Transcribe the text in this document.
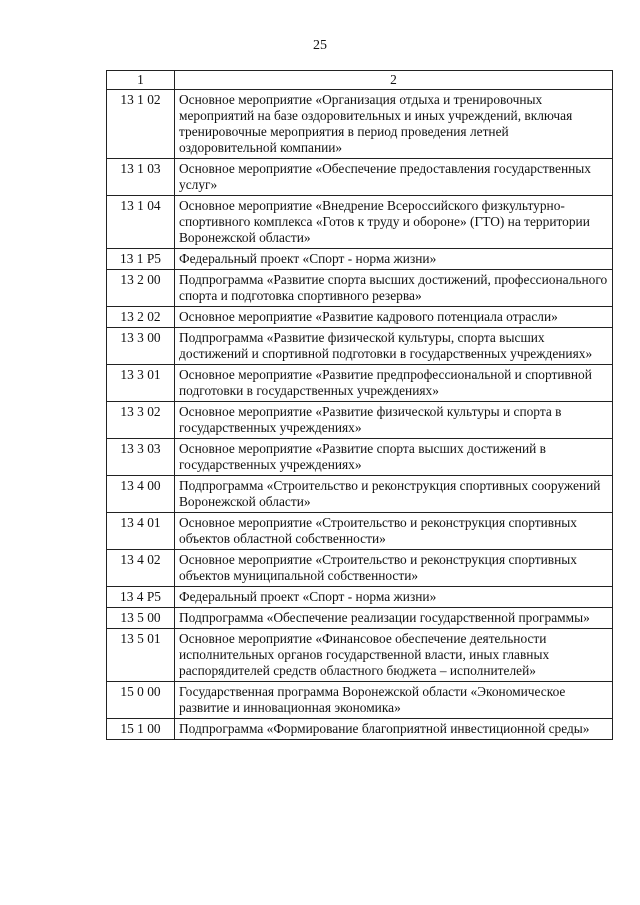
25
1	2
13 1 02	Основное мероприятие «Организация отдыха и тренировочных мероприятий на базе оздоровительных и иных учреждений, включая тренировочные мероприятия в период проведения летней оздоровительной компании»
13 1 03	Основное мероприятие «Обеспечение предоставления государственных услуг»
13 1 04	Основное мероприятие «Внедрение Всероссийского физкультурно-спортивного комплекса «Готов к труду и обороне» (ГТО) на территории Воронежской области»
13 1 P5	Федеральный проект «Спорт - норма жизни»
13 2 00	Подпрограмма «Развитие спорта высших достижений, профессионального спорта и подготовка спортивного резерва»
13 2 02	Основное мероприятие «Развитие кадрового потенциала отрасли»
13 3 00	Подпрограмма «Развитие физической культуры, спорта высших достижений и спортивной подготовки в государственных учреждениях»
13 3 01	Основное мероприятие «Развитие предпрофессиональной и спортивной подготовки в государственных учреждениях»
13 3 02	Основное мероприятие «Развитие физической культуры и спорта в государственных учреждениях»
13 3 03	Основное мероприятие «Развитие спорта высших достижений в государственных учреждениях»
13 4 00	Подпрограмма «Строительство и реконструкция спортивных сооружений Воронежской области»
13 4 01	Основное мероприятие «Строительство и реконструкция спортивных объектов областной собственности»
13 4 02	Основное мероприятие «Строительство и реконструкция спортивных объектов муниципальной собственности»
13 4 P5	Федеральный проект «Спорт - норма жизни»
13 5 00	Подпрограмма «Обеспечение реализации государственной программы»
13 5 01	Основное мероприятие «Финансовое обеспечение деятельности исполнительных органов государственной власти, иных главных распорядителей средств областного бюджета – исполнителей»
15 0 00	Государственная программа Воронежской области «Экономическое развитие и инновационная экономика»
15 1 00	Подпрограмма «Формирование благоприятной инвестиционной среды»
